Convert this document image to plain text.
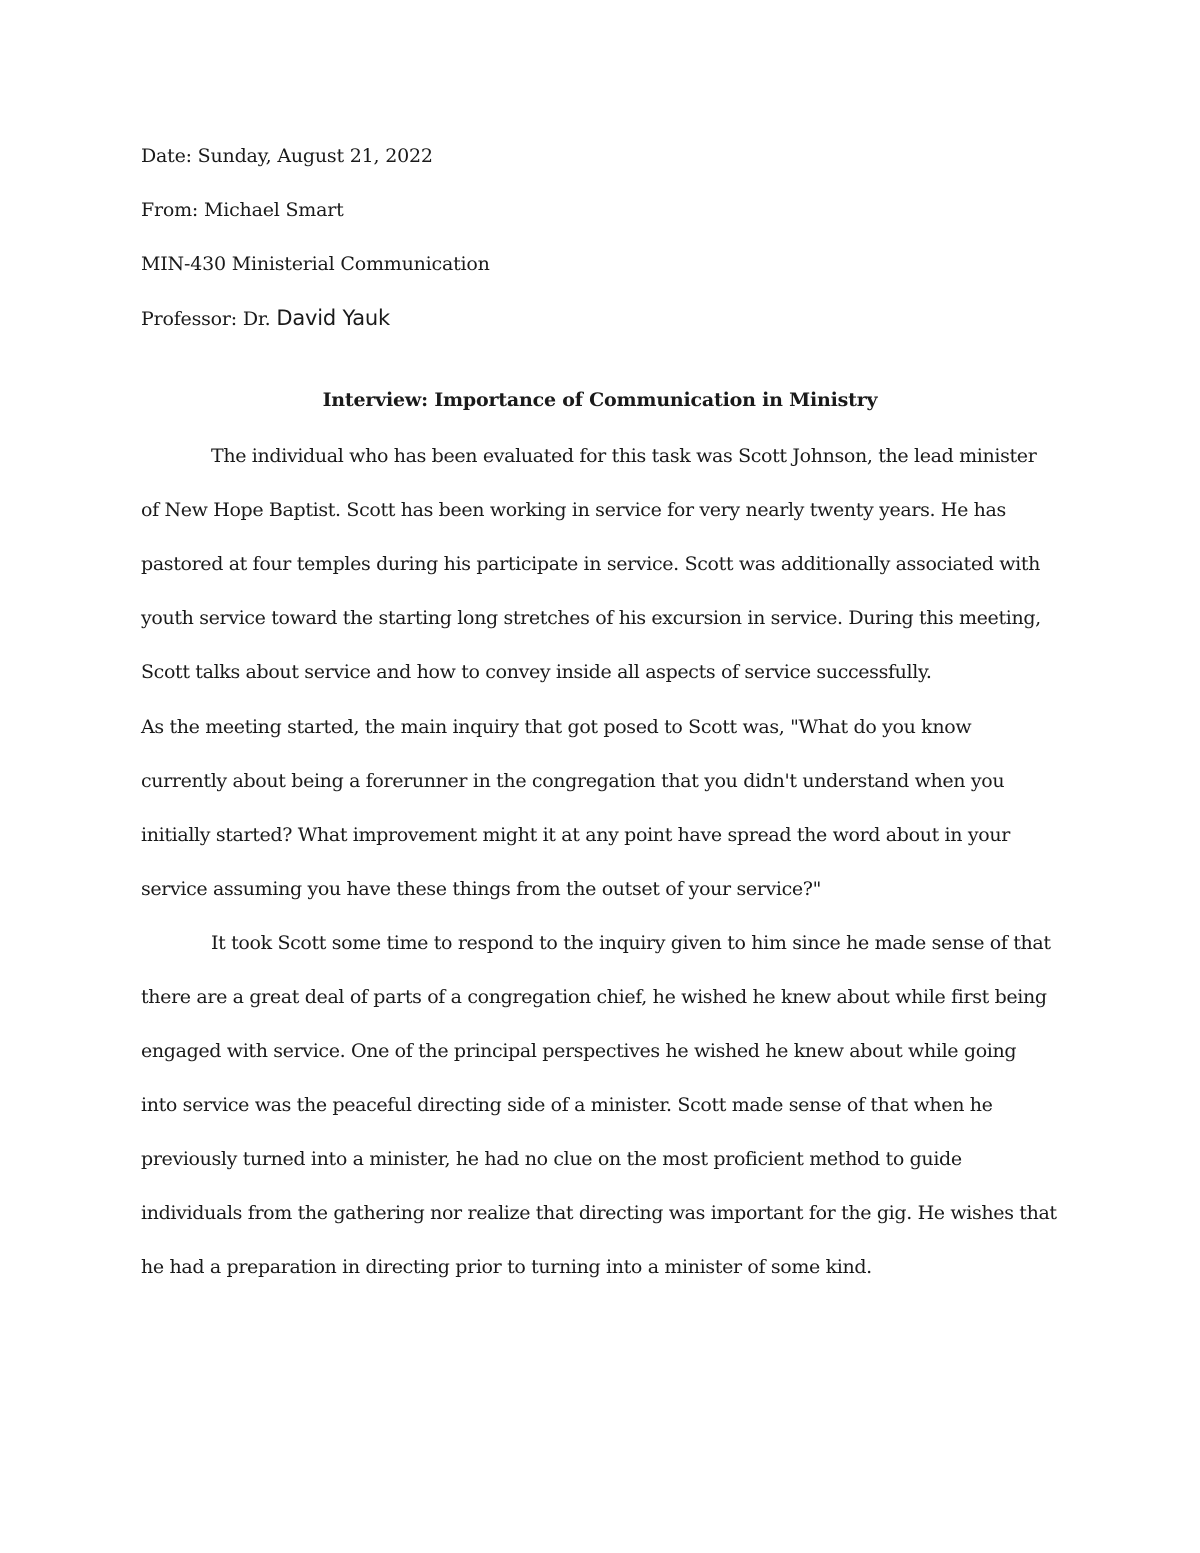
Date: Sunday, August 21, 2022
From: Michael Smart
MIN-430 Ministerial Communication
Professor: Dr. David Yauk
Interview: Importance of Communication in Ministry
The individual who has been evaluated for this task was Scott Johnson, the lead minister
of New Hope Baptist. Scott has been working in service for very nearly twenty years. He has
pastored at four temples during his participate in service. Scott was additionally associated with
youth service toward the starting long stretches of his excursion in service. During this meeting,
Scott talks about service and how to convey inside all aspects of service successfully.
As the meeting started, the main inquiry that got posed to Scott was, "What do you know
currently about being a forerunner in the congregation that you didn't understand when you
initially started? What improvement might it at any point have spread the word about in your
service assuming you have these things from the outset of your service?"
It took Scott some time to respond to the inquiry given to him since he made sense of that
there are a great deal of parts of a congregation chief, he wished he knew about while first being
engaged with service. One of the principal perspectives he wished he knew about while going
into service was the peaceful directing side of a minister. Scott made sense of that when he
previously turned into a minister, he had no clue on the most proficient method to guide
individuals from the gathering nor realize that directing was important for the gig. He wishes that
he had a preparation in directing prior to turning into a minister of some kind.
